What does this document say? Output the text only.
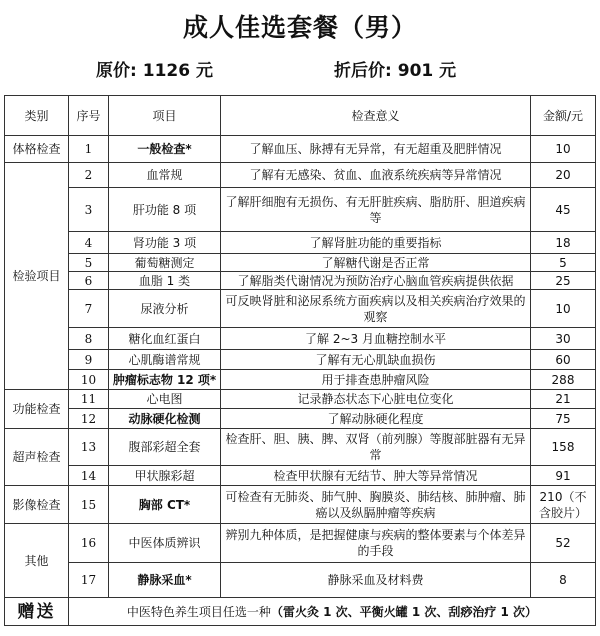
成人佳选套餐（男）
原价: 1126 元	折后价: 901 元
类别	序号	项目	检查意义	金额/元
体格检查	1	一般检查*	了解血压、脉搏有无异常，有无超重及肥胖情况	10
检验项目	2	血常规	了解有无感染、贫血、血液系统疾病等异常情况	20
	3	肝功能 8 项	了解肝细胞有无损伤、有无肝脏疾病、脂肪肝、胆道疾病等	45
	4	肾功能 3 项	了解肾脏功能的重要指标	18
	5	葡萄糖测定	了解糖代谢是否正常	5
	6	血脂 1 类	了解脂类代谢情况为预防治疗心脑血管疾病提供依据	25
	7	尿液分析	可反映肾脏和泌尿系统方面疾病以及相关疾病治疗效果的观察	10
	8	糖化血红蛋白	了解 2~3 月血糖控制水平	30
	9	心肌酶谱常规	了解有无心肌缺血损伤	60
	10	肿瘤标志物 12 项*	用于排查患肿瘤风险	288
功能检查	11	心电图	记录静态状态下心脏电位变化	21
	12	动脉硬化检测	了解动脉硬化程度	75
超声检查	13	腹部彩超全套	检查肝、胆、胰、脾、双肾（前列腺）等腹部脏器有无异常	158
	14	甲状腺彩超	检查甲状腺有无结节、肿大等异常情况	91
影像检查	15	胸部 CT*	可检查有无肺炎、肺气肿、胸膜炎、肺结核、肺肿瘤、肺癌以及纵膈肿瘤等疾病	210（不含胶片）
其他	16	中医体质辨识	辨别九种体质，是把握健康与疾病的整体要素与个体差异的手段	52
	17	静脉采血*	静脉采血及材料费	8
赠送	中医特色养生项目任选一种（雷火灸 1 次、平衡火罐 1 次、刮痧治疗 1 次）			
